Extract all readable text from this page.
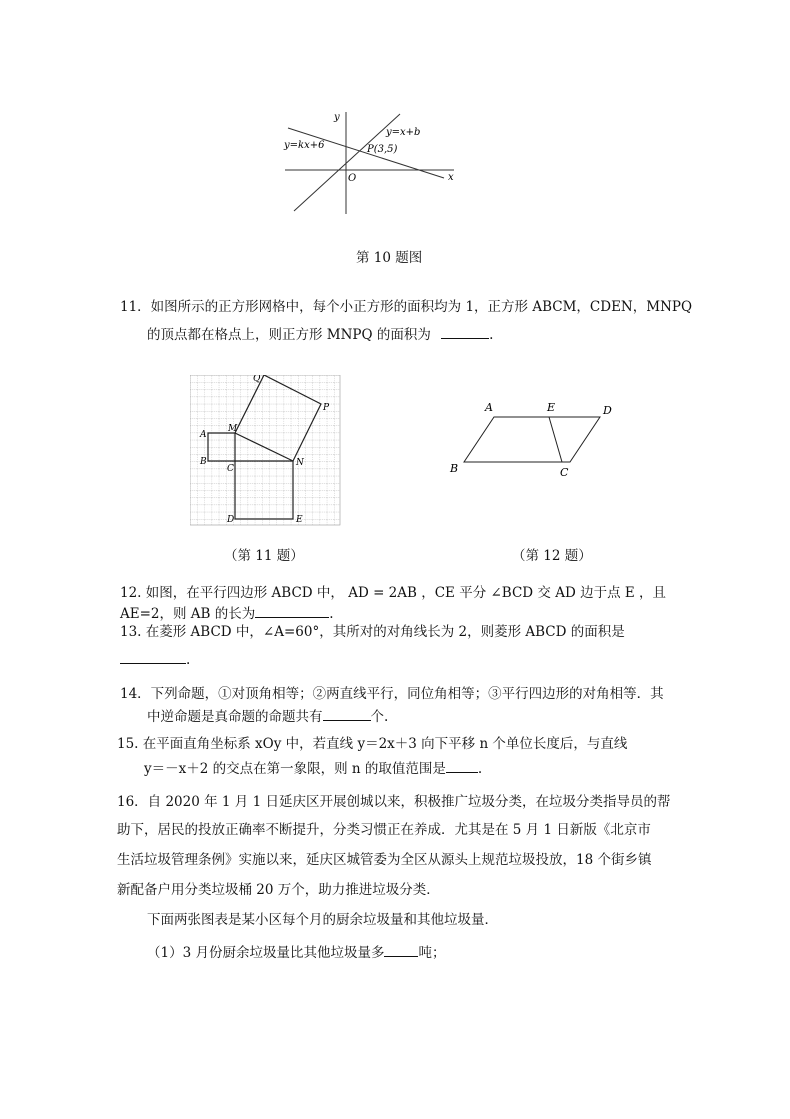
y
x
O
y=x+b
y=kx+6	P(3,5)
第 10 题图
11．如图所示的正方形网格中，每个小正方形的面积均为 1，正方形 ABCM，CDEN，MNPQ
的顶点都在格点上，则正方形 MNPQ 的面积为	.
Q
P
A
M
B
C
N
D	E
（第 11 题）
A	E	D
B	C
（第 12 题）
12. 如图，在平行四边形 ABCD 中， AD = 2AB ，CE 平分 ∠BCD 交 AD 边于点 E ，且
AE=2，则 AB 的长为	.
13. 在菱形 ABCD 中，∠A=60°，其所对的对角线长为 2，则菱形 ABCD 的面积是
.
14．下列命题，①对顶角相等；②两直线平行，同位角相等；③平行四边形的对角相等．其
中逆命题是真命题的命题共有	个.
15. 在平面直角坐标系 xOy 中，若直线 y＝2x＋3 向下平移 n 个单位长度后，与直线
y＝－x＋2 的交点在第一象限，则 n 的取值范围是 .
16．自 2020 年 1 月 1 日延庆区开展创城以来，积极推广垃圾分类，在垃圾分类指导员的帮
助下，居民的投放正确率不断提升，分类习惯正在养成．尤其是在 5 月 1 日新版《北京市
生活垃圾管理条例》实施以来，延庆区城管委为全区从源头上规范垃圾投放，18 个街乡镇
新配备户用分类垃圾桶 20 万个，助力推进垃圾分类．
下面两张图表是某小区每个月的厨余垃圾量和其他垃圾量．
（1）3 月份厨余垃圾量比其他垃圾量多	吨；
